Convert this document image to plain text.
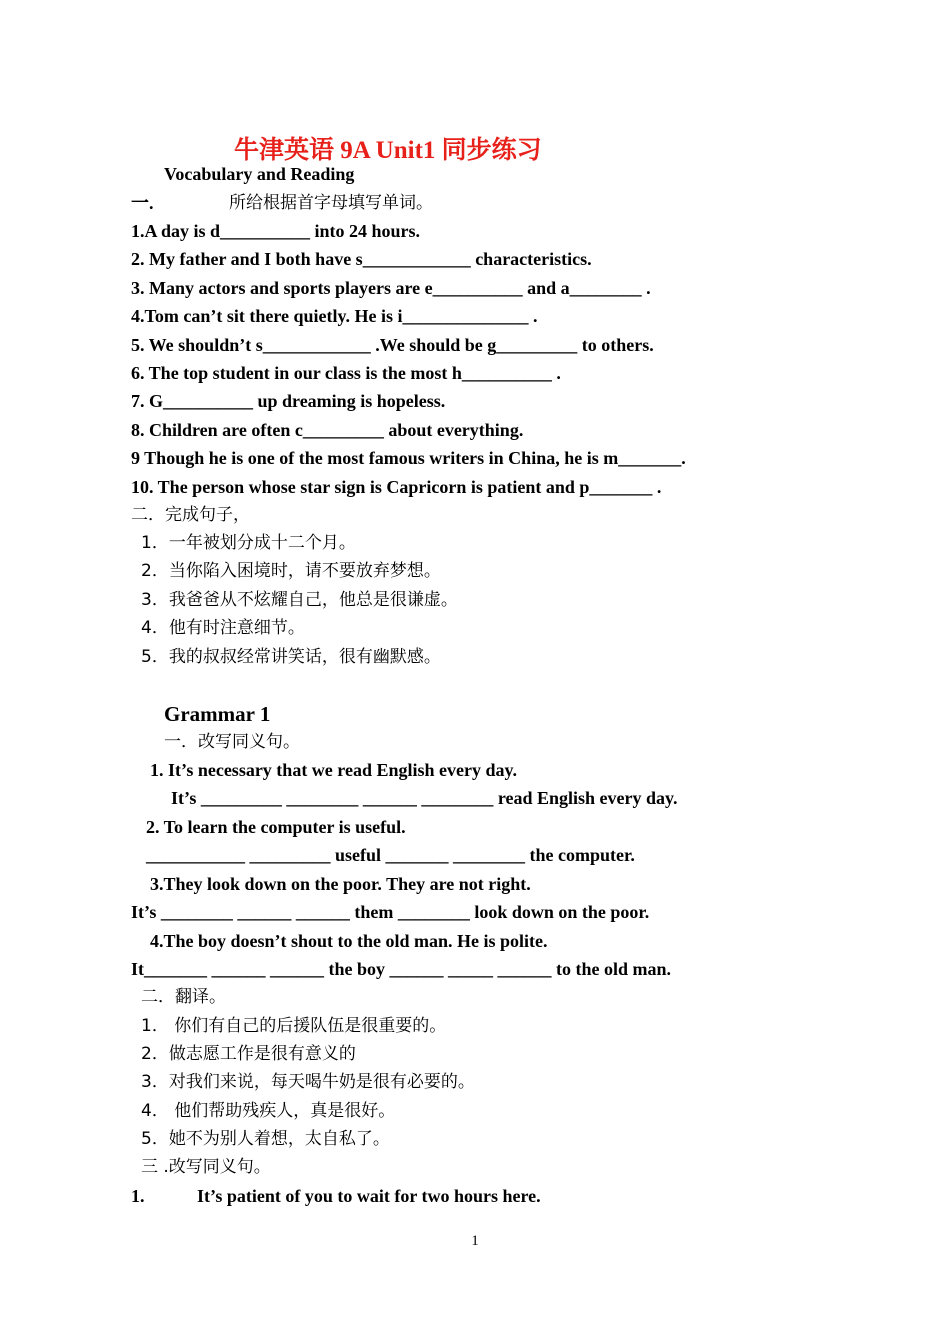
牛津英语 9A Unit1 同步练习
Vocabulary and Reading
一.	所给根据首字母填写单词。
1.A day is d__________ into 24 hours.
2. My father and I both have s____________ characteristics.
3. Many actors and sports players are e__________ and a________ .
4.Tom can’t sit there quietly. He is i______________ .
5. We shouldn’t s____________ .We should be g_________ to others.
6. The top student in our class is the most h__________ .
7. G__________ up dreaming is hopeless.
8. Children are often c_________ about everything.
9 Though he is one of the most famous writers in China, he is m_______.
10. The person whose star sign is Capricorn is patient and p_______ .
二．完成句子，
1．一年被划分成十二个月。
2．当你陷入困境时，请不要放弃梦想。
3．我爸爸从不炫耀自己，他总是很谦虚。
4．他有时注意细节。
5．我的叔叔经常讲笑话，很有幽默感。
Grammar 1
一．改写同义句。
1. It’s necessary that we read English every day.
It’s _________ ________ ______ ________ read English every day.
2. To learn the computer is useful.
___________ _________ useful _______ ________ the computer.
3.They look down on the poor. They are not right.
It’s ________ ______ ______ them ________ look down on the poor.
4.The boy doesn’t shout to the old man. He is polite.
It_______ ______ ______ the boy ______ _____ ______ to the old man.
二．翻译。
1． 你们有自己的后援队伍是很重要的。
2．做志愿工作是很有意义的
3．对我们来说，每天喝牛奶是很有必要的。
4． 他们帮助残疾人，真是很好。
5．她不为别人着想，太自私了。
三 .改写同义句。
1.	It’s patient of you to wait for two hours here.
1
